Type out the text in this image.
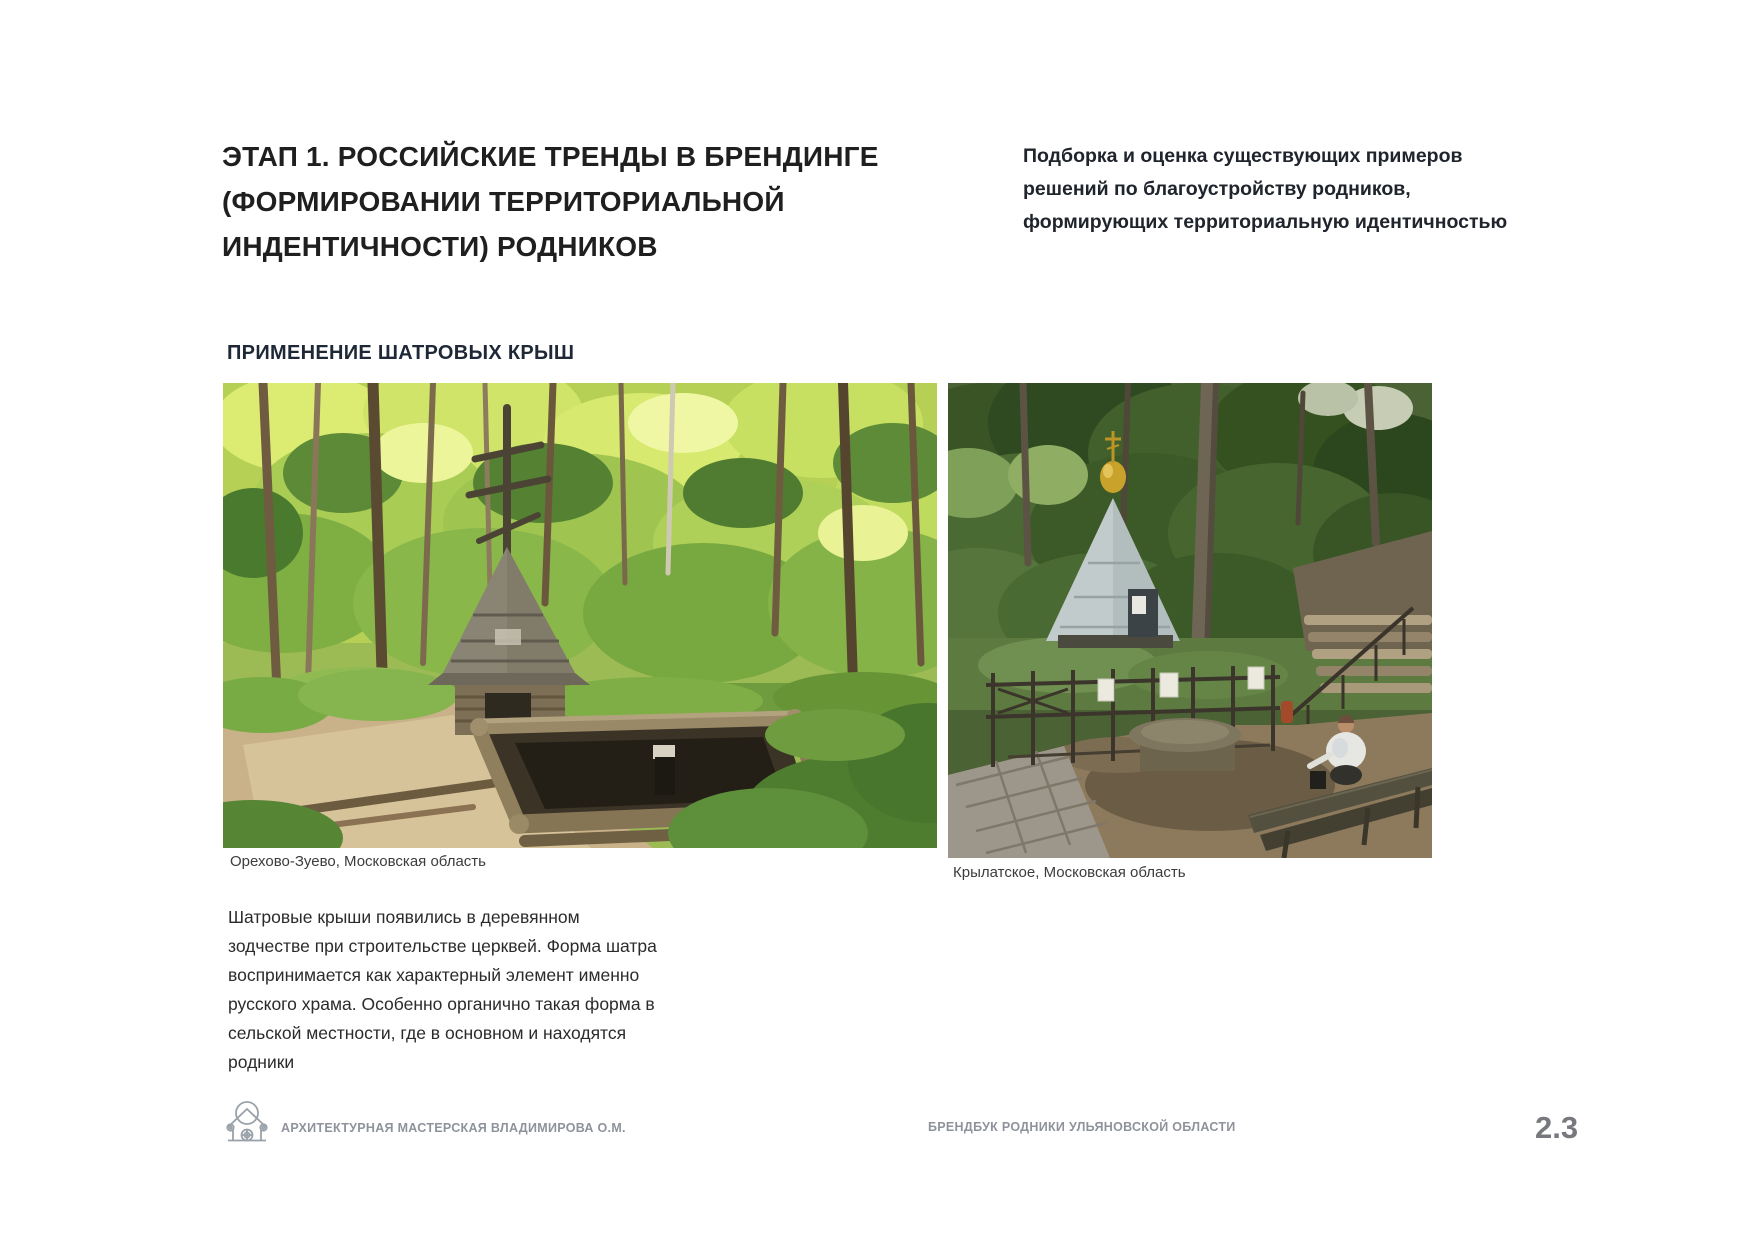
ЭТАП 1. РОССИЙСКИЕ ТРЕНДЫ В БРЕНДИНГЕ
(ФОРМИРОВАНИИ ТЕРРИТОРИАЛЬНОЙ
ИНДЕНТИЧНОСТИ) РОДНИКОВ
Подборка и оценка существующих примеров
решений по благоустройству родников,
формирующих территориальную идентичностью
ПРИМЕНЕНИЕ ШАТРОВЫХ КРЫШ
Орехово-Зуево, Московская область
Крылатское, Московская область
Шатровые крыши появились в деревянном
зодчестве при строительстве церквей. Форма шатра
воспринимается как характерный элемент именно
русского храма. Особенно органично такая форма в
сельской местности, где в основном и находятся
родники
АРХИТЕКТУРНАЯ МАСТЕРСКАЯ ВЛАДИМИРОВА О.М.	БРЕНДБУК РОДНИКИ УЛЬЯНОВСКОЙ ОБЛАСТИ	2.3
